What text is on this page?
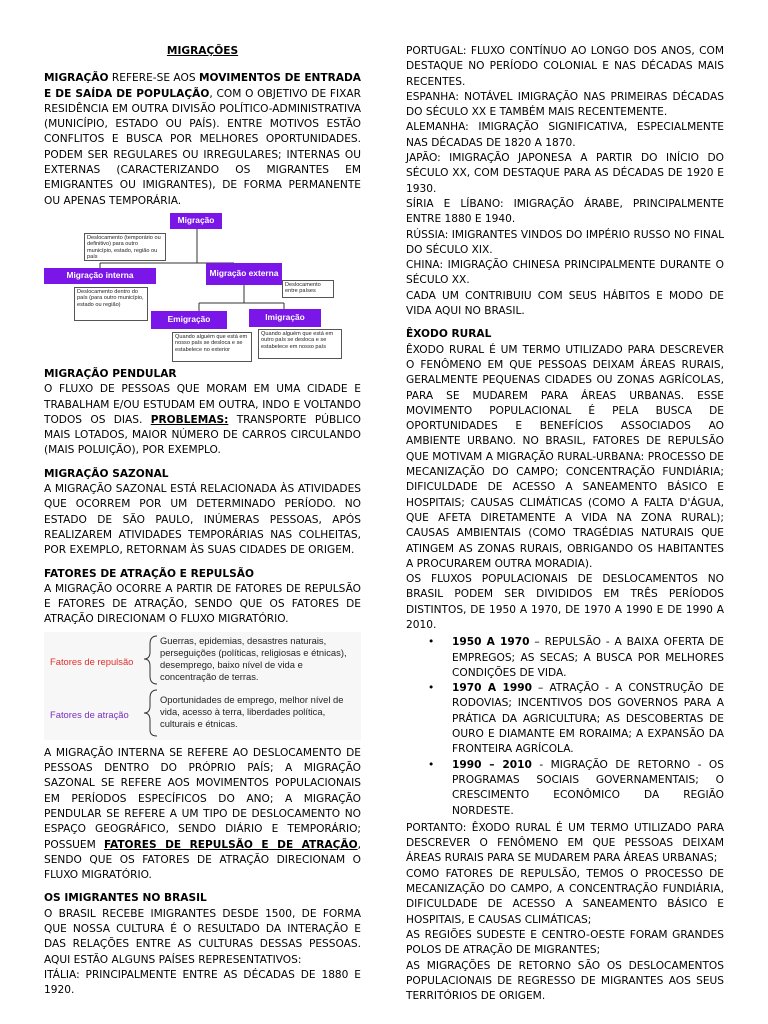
MIGRAÇÕES

MIGRAÇÃO REFERE-SE AOS MOVIMENTOS DE ENTRADA E DE SAÍDA DE POPULAÇÃO, COM O OBJETIVO DE FIXAR RESIDÊNCIA EM OUTRA DIVISÃO POLÍTICO-ADMINISTRATIVA (MUNICÍPIO, ESTADO OU PAÍS). ENTRE MOTIVOS ESTÃO CONFLITOS E BUSCA POR MELHORES OPORTUNIDADES. PODEM SER REGULARES OU IRREGULARES; INTERNAS OU EXTERNAS (CARACTERIZANDO OS MIGRANTES EM EMIGRANTES OU IMIGRANTES), DE FORMA PERMANENTE OU APENAS TEMPORÁRIA.

Migração
Deslocamento (temporário ou definitivo) para outro município, estado, região ou país
Migração interna
Deslocamento dentro do país (para outro município, estado ou região)
Migração externa
Deslocamento entre países
Emigração	Imigração
Quando alguém que está em nosso país se desloca e se estabelece no exterior
Quando alguém que está em outro país se desloca e se estabelece em nosso país
MIGRAÇÃO PENDULAR

O FLUXO DE PESSOAS QUE MORAM EM UMA CIDADE E TRABALHAM E/OU ESTUDAM EM OUTRA, INDO E VOLTANDO TODOS OS DIAS. PROBLEMAS: TRANSPORTE PÚBLICO MAIS LOTADOS, MAIOR NÚMERO DE CARROS CIRCULANDO (MAIS POLUIÇÃO), POR EXEMPLO.

MIGRAÇÃO SAZONAL

A MIGRAÇÃO SAZONAL ESTÁ RELACIONADA ÀS ATIVIDADES QUE OCORREM POR UM DETERMINADO PERÍODO. NO ESTADO DE SÃO PAULO, INÚMERAS PESSOAS, APÓS REALIZAREM ATIVIDADES TEMPORÁRIAS NAS COLHEITAS, POR EXEMPLO, RETORNAM ÀS SUAS CIDADES DE ORIGEM.

FATORES DE ATRAÇÃO E REPULSÃO

A MIGRAÇÃO OCORRE A PARTIR DE FATORES DE REPULSÃO E FATORES DE ATRAÇÃO, SENDO QUE OS FATORES DE ATRAÇÃO DIRECIONAM O FLUXO MIGRATÓRIO.

Fatores de repulsão
Guerras, epidemias, desastres naturais, perseguições (políticas, religiosas e étnicas), desemprego, baixo nível de vida e concentração de terras.
Fatores de atração
Oportunidades de emprego, melhor nível de vida, acesso à terra, liberdades política, culturais e étnicas.

A MIGRAÇÃO INTERNA SE REFERE AO DESLOCAMENTO DE PESSOAS DENTRO DO PRÓPRIO PAÍS; A MIGRAÇÃO SAZONAL SE REFERE AOS MOVIMENTOS POPULACIONAIS EM PERÍODOS ESPECÍFICOS DO ANO; A MIGRAÇÃO PENDULAR SE REFERE A UM TIPO DE DESLOCAMENTO NO ESPAÇO GEOGRÁFICO, SENDO DIÁRIO E TEMPORÁRIO; POSSUEM FATORES DE REPULSÃO E DE ATRAÇÃO, SENDO QUE OS FATORES DE ATRAÇÃO DIRECIONAM O FLUXO MIGRATÓRIO.

OS IMIGRANTES NO BRASIL

O BRASIL RECEBE IMIGRANTES DESDE 1500, DE FORMA QUE NOSSA CULTURA É O RESULTADO DA INTERAÇÃO E DAS RELAÇÕES ENTRE AS CULTURAS DESSAS PESSOAS. AQUI ESTÃO ALGUNS PAÍSES REPRESENTATIVOS:

ITÁLIA: PRINCIPALMENTE ENTRE AS DÉCADAS DE 1880 E 1920.

PORTUGAL: FLUXO CONTÍNUO AO LONGO DOS ANOS, COM DESTAQUE NO PERÍODO COLONIAL E NAS DÉCADAS MAIS RECENTES.

ESPANHA: NOTÁVEL IMIGRAÇÃO NAS PRIMEIRAS DÉCADAS DO SÉCULO XX E TAMBÉM MAIS RECENTEMENTE.

ALEMANHA: IMIGRAÇÃO SIGNIFICATIVA, ESPECIALMENTE NAS DÉCADAS DE 1820 A 1870.

JAPÃO: IMIGRAÇÃO JAPONESA A PARTIR DO INÍCIO DO SÉCULO XX, COM DESTAQUE PARA AS DÉCADAS DE 1920 E 1930.

SÍRIA E LÍBANO: IMIGRAÇÃO ÁRABE, PRINCIPALMENTE ENTRE 1880 E 1940.

RÚSSIA: IMIGRANTES VINDOS DO IMPÉRIO RUSSO NO FINAL DO SÉCULO XIX.

CHINA: IMIGRAÇÃO CHINESA PRINCIPALMENTE DURANTE O SÉCULO XX.

CADA UM CONTRIBUIU COM SEUS HÁBITOS E MODO DE VIDA AQUI NO BRASIL.

ÊXODO RURAL

ÊXODO RURAL É UM TERMO UTILIZADO PARA DESCREVER O FENÔMENO EM QUE PESSOAS DEIXAM ÁREAS RURAIS, GERALMENTE PEQUENAS CIDADES OU ZONAS AGRÍCOLAS, PARA SE MUDAREM PARA ÁREAS URBANAS. ESSE MOVIMENTO POPULACIONAL É PELA BUSCA DE OPORTUNIDADES E BENEFÍCIOS ASSOCIADOS AO AMBIENTE URBANO. NO BRASIL, FATORES DE REPULSÃO QUE MOTIVAM A MIGRAÇÃO RURAL-URBANA: PROCESSO DE MECANIZAÇÃO DO CAMPO; CONCENTRAÇÃO FUNDIÁRIA; DIFICULDADE DE ACESSO A SANEAMENTO BÁSICO E HOSPITAIS; CAUSAS CLIMÁTICAS (COMO A FALTA D'ÁGUA, QUE AFETA DIRETAMENTE A VIDA NA ZONA RURAL); CAUSAS AMBIENTAIS (COMO TRAGÉDIAS NATURAIS QUE ATINGEM AS ZONAS RURAIS, OBRIGANDO OS HABITANTES A PROCURAREM OUTRA MORADIA).

OS FLUXOS POPULACIONAIS DE DESLOCAMENTOS NO BRASIL PODEM SER DIVIDIDOS EM TRÊS PERÍODOS DISTINTOS, DE 1950 A 1970, DE 1970 A 1990 E DE 1990 A 2010.

• 1950 A 1970 – REPULSÃO - A BAIXA OFERTA DE EMPREGOS; AS SECAS; A BUSCA POR MELHORES CONDIÇÕES DE VIDA.
• 1970 A 1990 – ATRAÇÃO - A CONSTRUÇÃO DE RODOVIAS; INCENTIVOS DOS GOVERNOS PARA A PRÁTICA DA AGRICULTURA; AS DESCOBERTAS DE OURO E DIAMANTE EM RORAIMA; A EXPANSÃO DA FRONTEIRA AGRÍCOLA.
• 1990 – 2010 - MIGRAÇÃO DE RETORNO - OS PROGRAMAS SOCIAIS GOVERNAMENTAIS; O CRESCIMENTO ECONÔMICO DA REGIÃO NORDESTE.

PORTANTO: ÊXODO RURAL É UM TERMO UTILIZADO PARA DESCREVER O FENÔMENO EM QUE PESSOAS DEIXAM ÁREAS RURAIS PARA SE MUDAREM PARA ÁREAS URBANAS;

COMO FATORES DE REPULSÃO, TEMOS O PROCESSO DE MECANIZAÇÃO DO CAMPO, A CONCENTRAÇÃO FUNDIÁRIA, DIFICULDADE DE ACESSO A SANEAMENTO BÁSICO E HOSPITAIS, E CAUSAS CLIMÁTICAS;

AS REGIÕES SUDESTE E CENTRO-OESTE FORAM GRANDES POLOS DE ATRAÇÃO DE MIGRANTES;

AS MIGRAÇÕES DE RETORNO SÃO OS DESLOCAMENTOS POPULACIONAIS DE REGRESSO DE MIGRANTES AOS SEUS TERRITÓRIOS DE ORIGEM.
